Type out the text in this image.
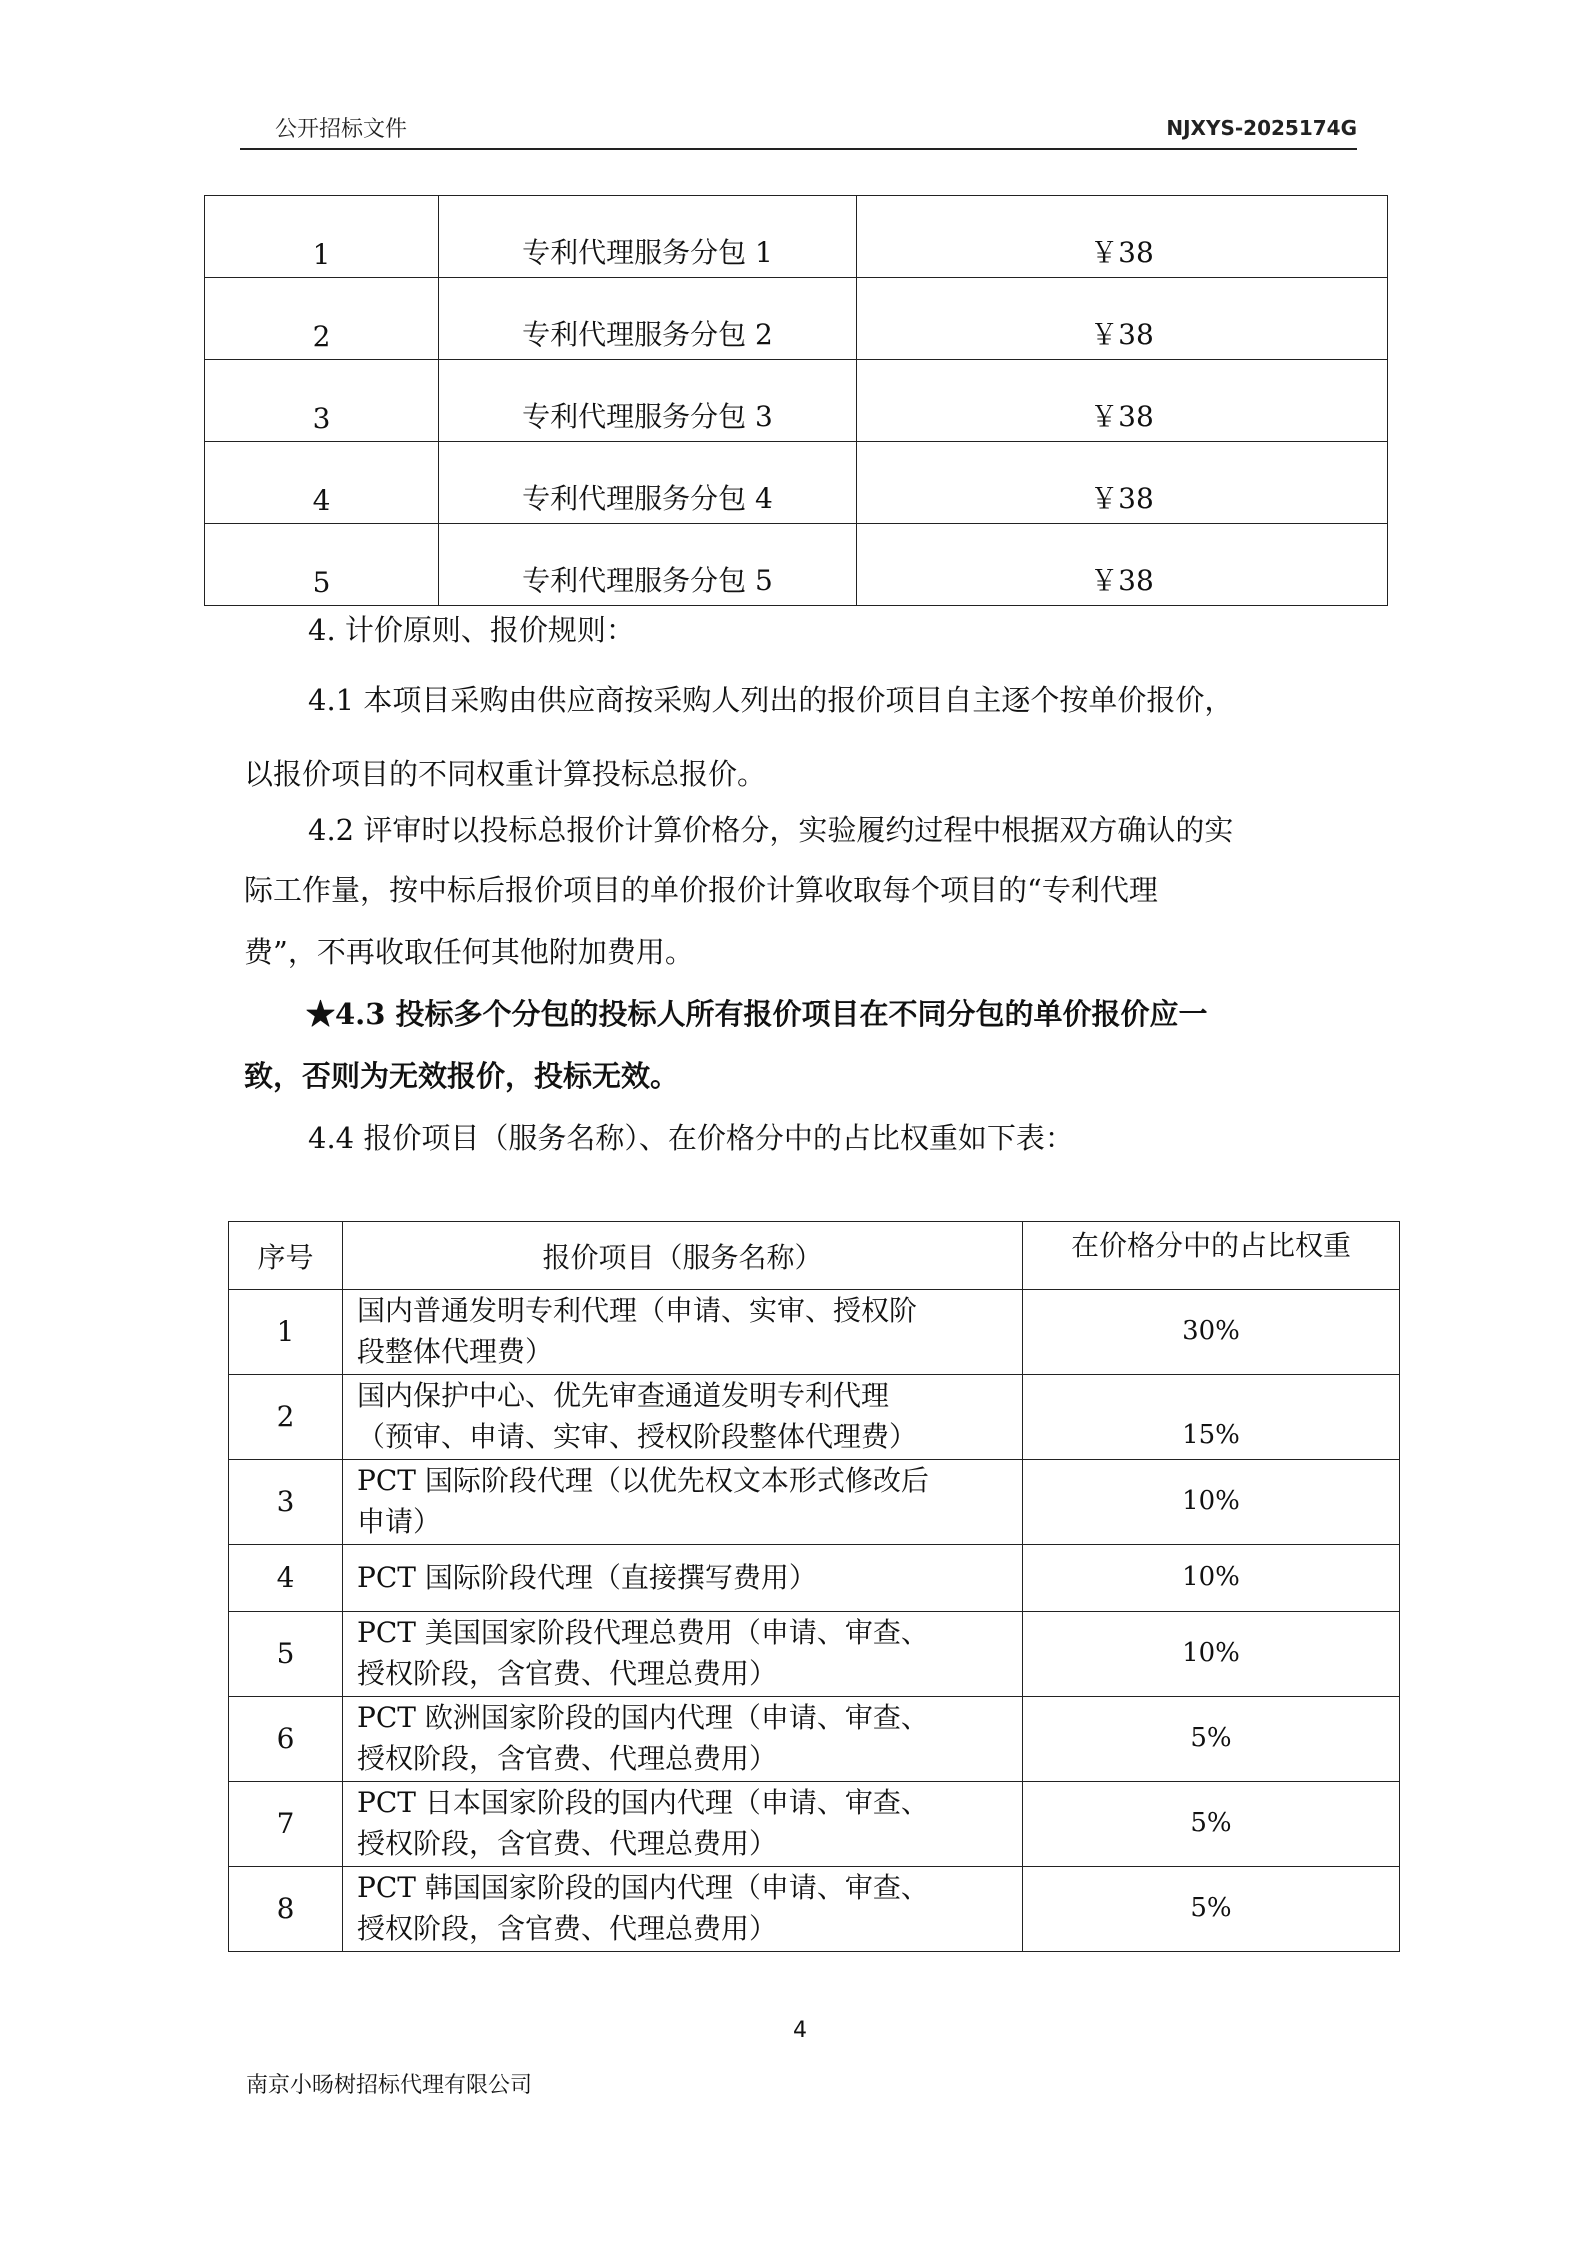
公开招标文件	NJXYS-2025174G
1	专利代理服务分包 1	￥38
2	专利代理服务分包 2	￥38
3	专利代理服务分包 3	￥38
4	专利代理服务分包 4	￥38
5	专利代理服务分包 5	￥38
4. 计价原则、报价规则：
4.1 本项目采购由供应商按采购人列出的报价项目自主逐个按单价报价，
以报价项目的不同权重计算投标总报价。
4.2 评审时以投标总报价计算价格分，实验履约过程中根据双方确认的实
际工作量，按中标后报价项目的单价报价计算收取每个项目的“专利代理
费”，不再收取任何其他附加费用。
★4.3 投标多个分包的投标人所有报价项目在不同分包的单价报价应一
致，否则为无效报价，投标无效。
4.4 报价项目（服务名称）、在价格分中的占比权重如下表：
序号	报价项目（服务名称）	在价格分中的占比权重
1	国内普通发明专利代理（申请、实审、授权阶
段整体代理费）	30%
2	国内保护中心、优先审查通道发明专利代理
（预审、申请、实审、授权阶段整体代理费）	15%
3	PCT 国际阶段代理（以优先权文本形式修改后
申请）	10%
4	PCT 国际阶段代理（直接撰写费用）	10%
5	PCT 美国国家阶段代理总费用（申请、审查、
授权阶段，含官费、代理总费用）	10%
6	PCT 欧洲国家阶段的国内代理（申请、审查、
授权阶段，含官费、代理总费用）	5%
7	PCT 日本国家阶段的国内代理（申请、审查、
授权阶段，含官费、代理总费用）	5%
8	PCT 韩国国家阶段的国内代理（申请、审查、
授权阶段，含官费、代理总费用）	5%
4
南京小旸树招标代理有限公司
